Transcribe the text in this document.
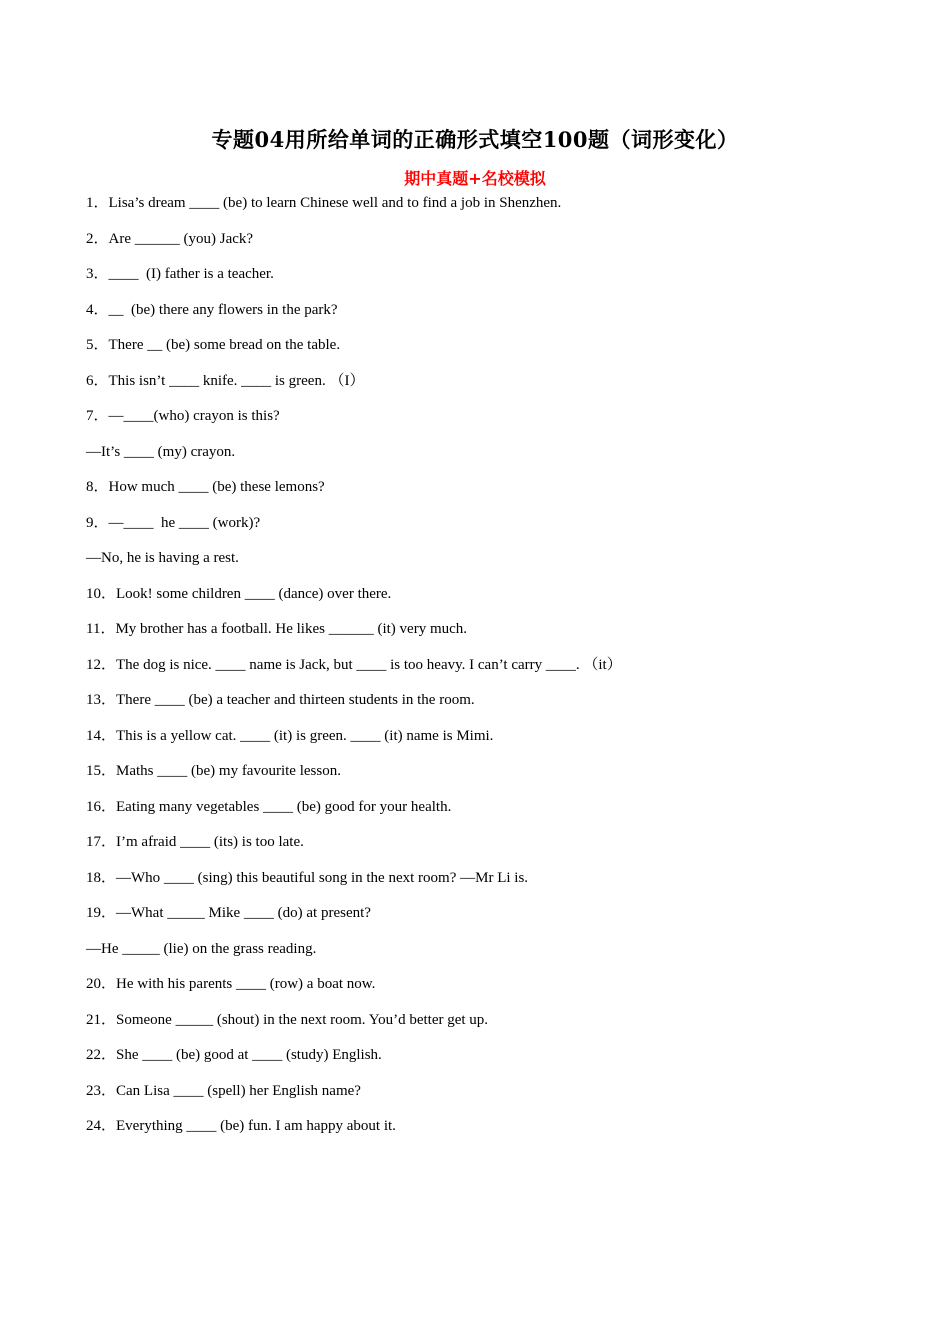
专题04用所给单词的正确形式填空100题（词形变化）
期中真题+名校模拟
1．Lisa’s dream ____ (be) to learn Chinese well and to find a job in Shenzhen.
2．Are ______ (you) Jack?
3．____  (I) father is a teacher.
4．__  (be) there any flowers in the park?
5．There __ (be) some bread on the table.
6．This isn’t ____ knife. ____ is green. （I）
7．—____(who) crayon is this?
—It’s ____ (my) crayon.
8．How much ____ (be) these lemons?
9．—____  he ____ (work)?
—No, he is having a rest.
10．Look! some children ____ (dance) over there.
11．My brother has a football. He likes ______ (it) very much.
12．The dog is nice. ____ name is Jack, but ____ is too heavy. I can’t carry ____. （it）
13．There ____ (be) a teacher and thirteen students in the room.
14．This is a yellow cat. ____ (it) is green. ____ (it) name is Mimi.
15．Maths ____ (be) my favourite lesson.
16．Eating many vegetables ____ (be) good for your health.
17．I’m afraid ____ (its) is too late.
18．—Who ____ (sing) this beautiful song in the next room? —Mr Li is.
19．—What _____ Mike ____ (do) at present?
—He _____ (lie) on the grass reading.
20．He with his parents ____ (row) a boat now.
21．Someone _____ (shout) in the next room. You’d better get up.
22．She ____ (be) good at ____ (study) English.
23．Can Lisa ____ (spell) her English name?
24．Everything ____ (be) fun. I am happy about it.
